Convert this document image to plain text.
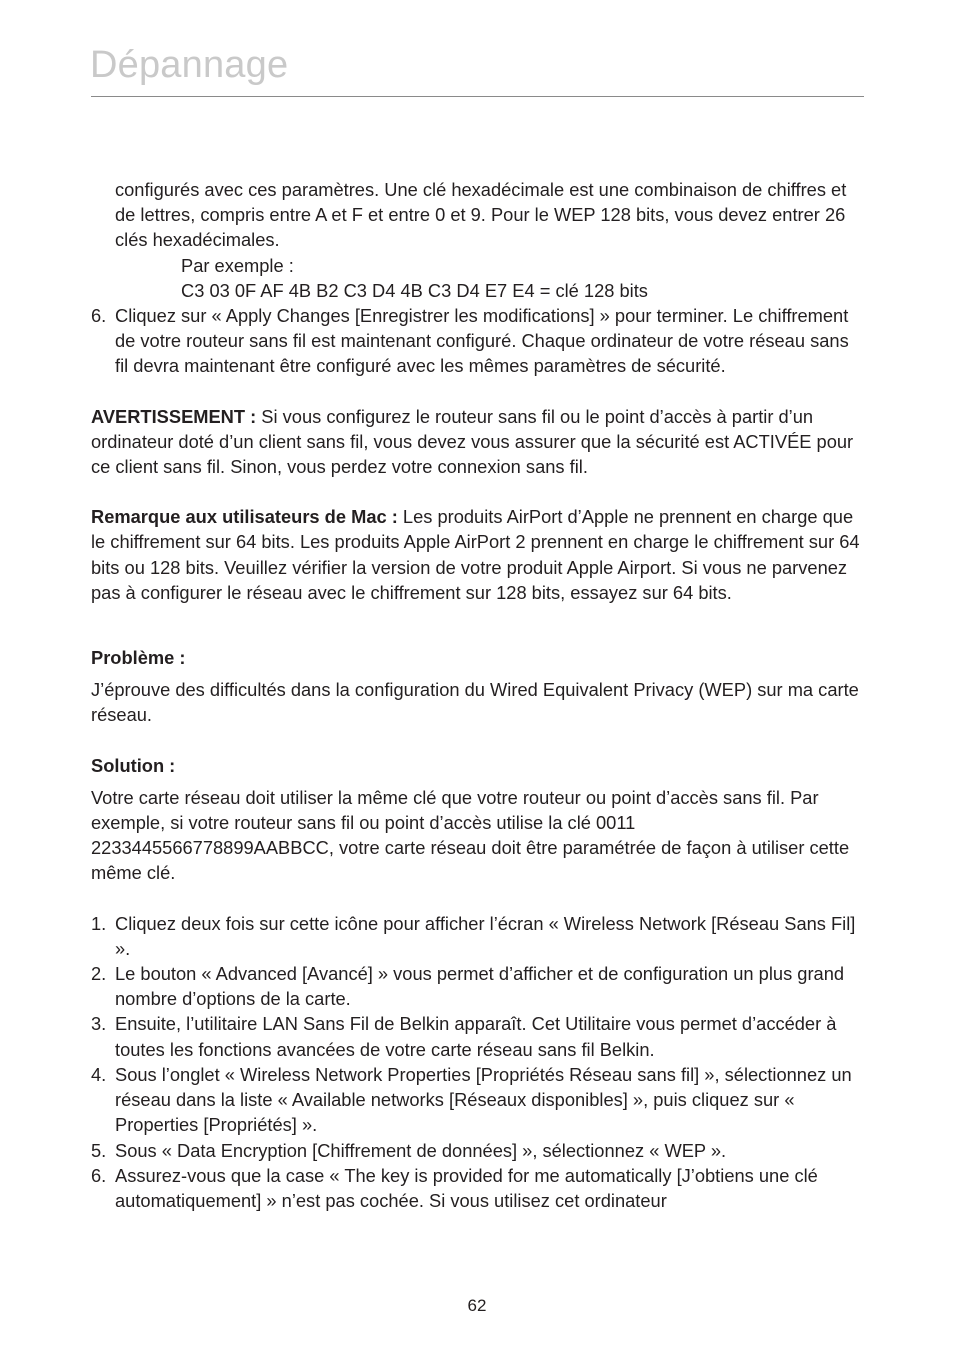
Dépannage

configurés avec ces paramètres. Une clé hexadécimale est une combinaison de chiffres et de lettres, compris entre A et F et entre 0 et 9. Pour le WEP 128 bits, vous devez entrer 26 clés hexadécimales.

Par exemple :

C3 03 0F AF 4B B2 C3 D4 4B C3 D4 E7 E4 = clé 128 bits

6. Cliquez sur « Apply Changes [Enregistrer les modifications] » pour terminer. Le chiffrement de votre routeur sans fil est maintenant configuré. Chaque ordinateur de votre réseau sans fil devra maintenant être configuré avec les mêmes paramètres de sécurité.

AVERTISSEMENT : Si vous configurez le routeur sans fil ou le point d’accès à partir d’un ordinateur doté d’un client sans fil, vous devez vous assurer que la sécurité est ACTIVÉE pour ce client sans fil. Sinon, vous perdez votre connexion sans fil.

Remarque aux utilisateurs de Mac : Les produits AirPort d’Apple ne prennent en charge que le chiffrement sur 64 bits. Les produits Apple AirPort 2 prennent en charge le chiffrement sur 64 bits ou 128 bits. Veuillez vérifier la version de votre produit Apple Airport. Si vous ne parvenez pas à configurer le réseau avec le chiffrement sur 128 bits, essayez sur 64 bits.

Problème :

J’éprouve des difficultés dans la configuration du Wired Equivalent Privacy (WEP) sur ma carte réseau.

Solution :

Votre carte réseau doit utiliser la même clé que votre routeur ou point d’accès sans fil. Par exemple, si votre routeur sans fil ou point d’accès utilise la clé 0011 2233445566778899AABBCC, votre carte réseau doit être paramétrée de façon à utiliser cette même clé.

1. Cliquez deux fois sur cette icône pour afficher l’écran « Wireless Network [Réseau Sans Fil] ».
2. Le bouton « Advanced [Avancé] » vous permet d’afficher et de configuration un plus grand nombre d’options de la carte.
3. Ensuite, l’utilitaire LAN Sans Fil de Belkin apparaît. Cet Utilitaire vous permet d’accéder à toutes les fonctions avancées de votre carte réseau sans fil Belkin.
4. Sous l’onglet « Wireless Network Properties [Propriétés Réseau sans fil] », sélectionnez un réseau dans la liste « Available networks [Réseaux disponibles] », puis cliquez sur « Properties [Propriétés] ».
5. Sous « Data Encryption [Chiffrement de données] », sélectionnez « WEP ».
6. Assurez-vous que la case « The key is provided for me automatically [J’obtiens une clé automatiquement] » n’est pas cochée. Si vous utilisez cet ordinateur
62
